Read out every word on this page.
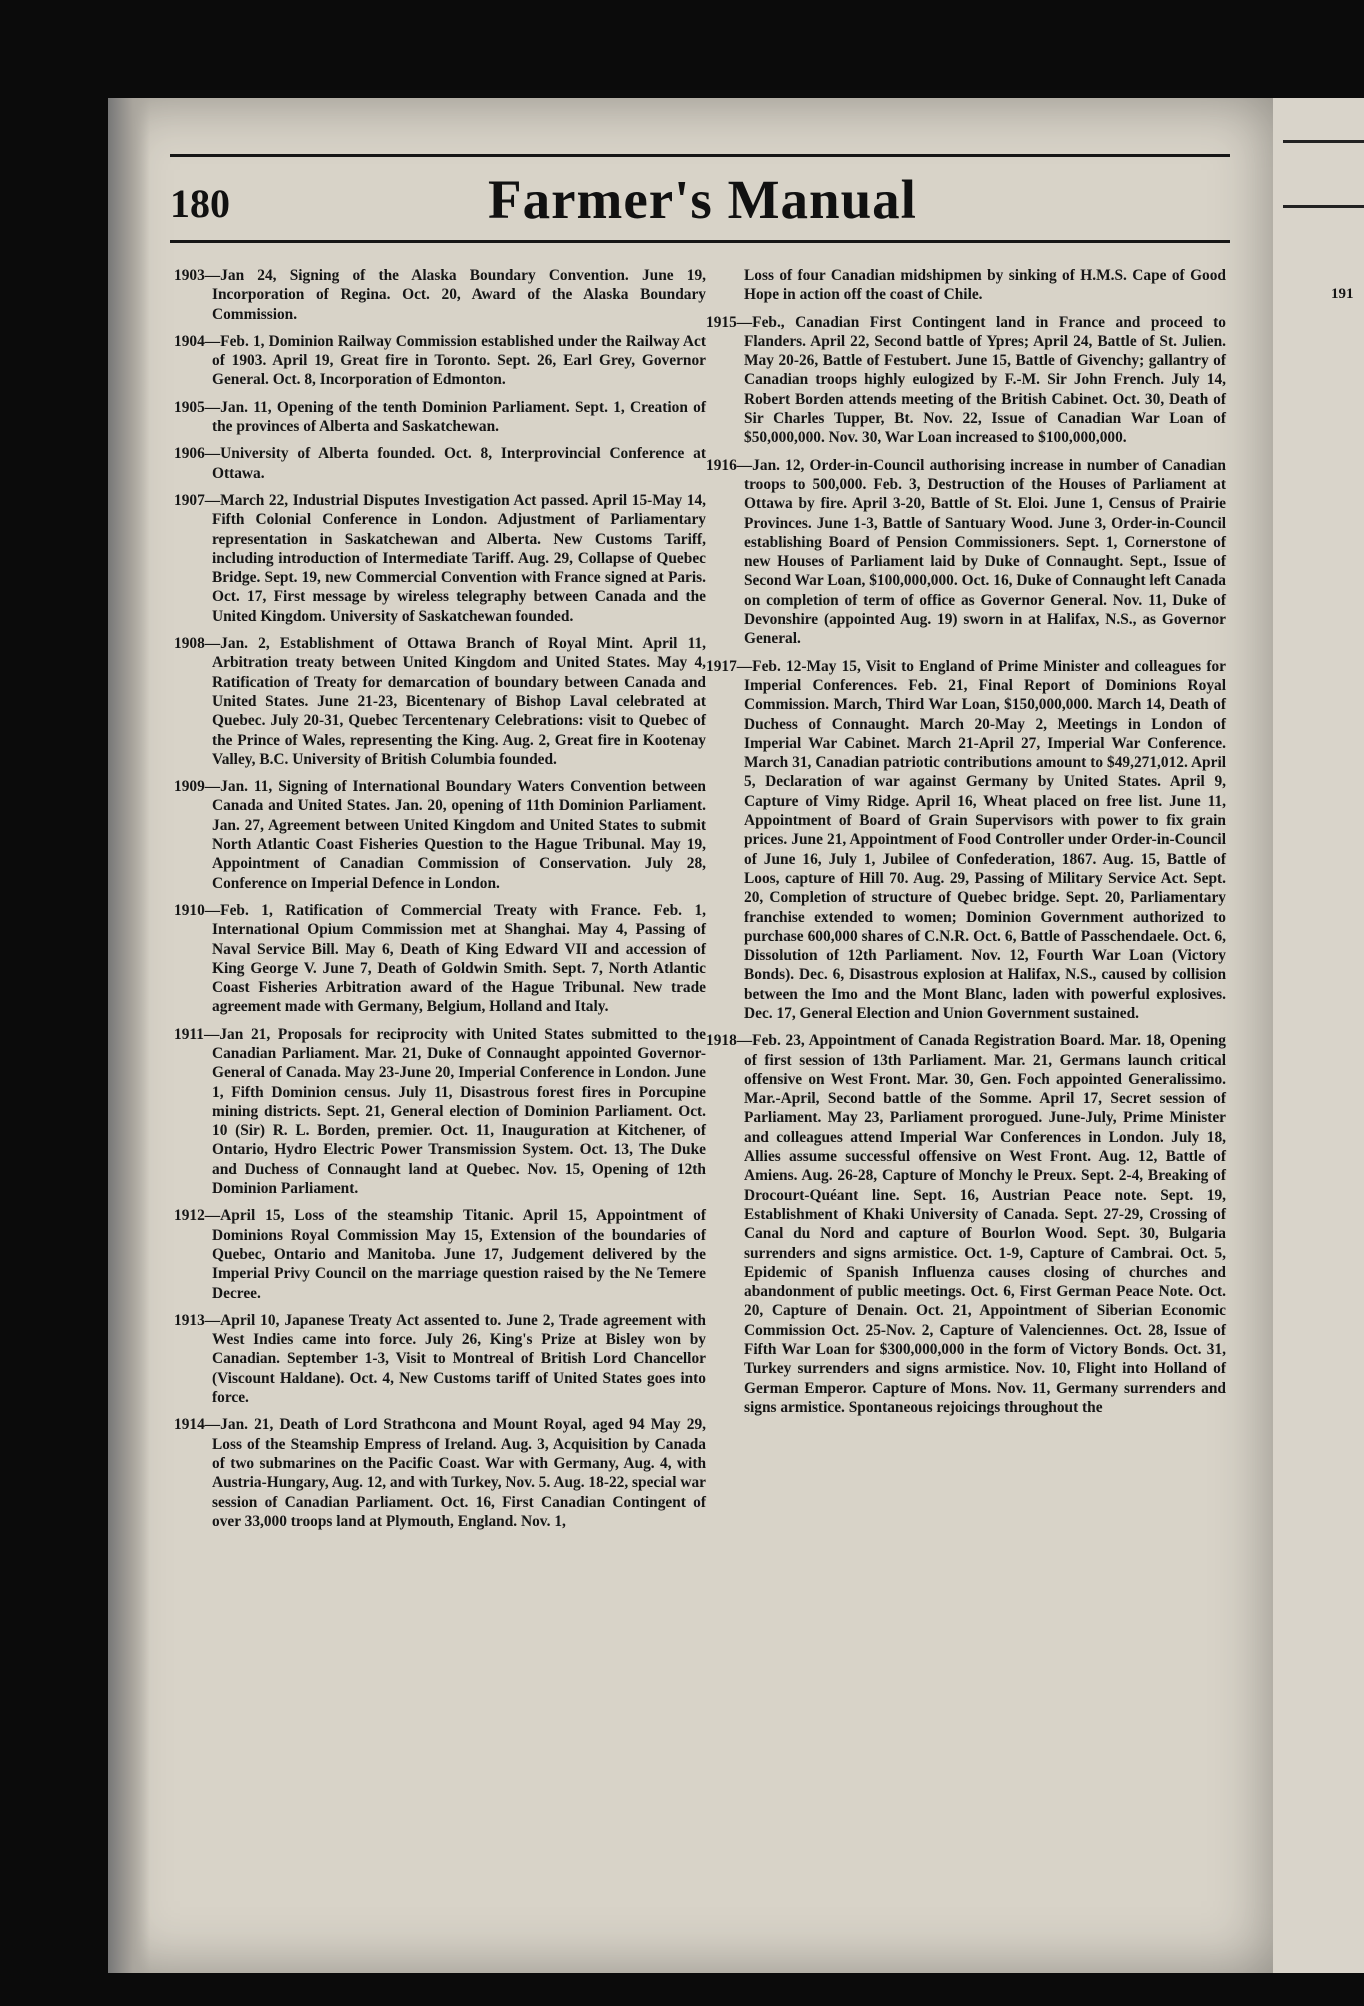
180	Farmer's Manual

1903—Jan 24, Signing of the Alaska Boundary Convention. June 19, Incorporation of Regina. Oct. 20, Award of the Alaska Boundary Commission.

1904—Feb. 1, Dominion Railway Commission established under the Railway Act of 1903. April 19, Great fire in Toronto. Sept. 26, Earl Grey, Governor General. Oct. 8, Incorporation of Edmonton.

1905—Jan. 11, Opening of the tenth Dominion Parliament. Sept. 1, Creation of the provinces of Alberta and Saskatchewan.

1906—University of Alberta founded. Oct. 8, Interprovincial Conference at Ottawa.

1907—March 22, Industrial Disputes Investigation Act passed. April 15-May 14, Fifth Colonial Conference in London. Adjustment of Parliamentary representation in Saskatchewan and Alberta. New Customs Tariff, including introduction of Intermediate Tariff. Aug. 29, Collapse of Quebec Bridge. Sept. 19, new Commercial Convention with France signed at Paris. Oct. 17, First message by wireless telegraphy between Canada and the United Kingdom. University of Saskatchewan founded.

1908—Jan. 2, Establishment of Ottawa Branch of Royal Mint. April 11, Arbitration treaty between United Kingdom and United States. May 4, Ratification of Treaty for demarcation of boundary between Canada and United States. June 21-23, Bicentenary of Bishop Laval celebrated at Quebec. July 20-31, Quebec Tercentenary Celebrations: visit to Quebec of the Prince of Wales, representing the King. Aug. 2, Great fire in Kootenay Valley, B.C. University of British Columbia founded.

1909—Jan. 11, Signing of International Boundary Waters Convention between Canada and United States. Jan. 20, opening of 11th Dominion Parliament. Jan. 27, Agreement between United Kingdom and United States to submit North Atlantic Coast Fisheries Question to the Hague Tribunal. May 19, Appointment of Canadian Commission of Conservation. July 28, Conference on Imperial Defence in London.

1910—Feb. 1, Ratification of Commercial Treaty with France. Feb. 1, International Opium Commission met at Shanghai. May 4, Passing of Naval Service Bill. May 6, Death of King Edward VII and accession of King George V. June 7, Death of Goldwin Smith. Sept. 7, North Atlantic Coast Fisheries Arbitration award of the Hague Tribunal. New trade agreement made with Germany, Belgium, Holland and Italy.

1911—Jan 21, Proposals for reciprocity with United States submitted to the Canadian Parliament. Mar. 21, Duke of Connaught appointed Governor-General of Canada. May 23-June 20, Imperial Conference in London. June 1, Fifth Dominion census. July 11, Disastrous forest fires in Porcupine mining districts. Sept. 21, General election of Dominion Parliament. Oct. 10 (Sir) R. L. Borden, premier. Oct. 11, Inauguration at Kitchener, of Ontario, Hydro Electric Power Transmission System. Oct. 13, The Duke and Duchess of Connaught land at Quebec. Nov. 15, Opening of 12th Dominion Parliament.

1912—April 15, Loss of the steamship Titanic. April 15, Appointment of Dominions Royal Commission May 15, Extension of the boundaries of Quebec, Ontario and Manitoba. June 17, Judgement delivered by the Imperial Privy Council on the marriage question raised by the Ne Temere Decree.

1913—April 10, Japanese Treaty Act assented to. June 2, Trade agreement with West Indies came into force. July 26, King's Prize at Bisley won by Canadian. September 1-3, Visit to Montreal of British Lord Chancellor (Viscount Haldane). Oct. 4, New Customs tariff of United States goes into force.

1914—Jan. 21, Death of Lord Strathcona and Mount Royal, aged 94 May 29, Loss of the Steamship Empress of Ireland. Aug. 3, Acquisition by Canada of two submarines on the Pacific Coast. War with Germany, Aug. 4, with Austria-Hungary, Aug. 12, and with Turkey, Nov. 5. Aug. 18-22, special war session of Canadian Parliament. Oct. 16, First Canadian Contingent of over 33,000 troops land at Plymouth, England. Nov. 1,

Loss of four Canadian midshipmen by sinking of H.M.S. Cape of Good Hope in action off the coast of Chile.

1915—Feb., Canadian First Contingent land in France and proceed to Flanders. April 22, Second battle of Ypres; April 24, Battle of St. Julien. May 20-26, Battle of Festubert. June 15, Battle of Givenchy; gallantry of Canadian troops highly eulogized by F.-M. Sir John French. July 14, Robert Borden attends meeting of the British Cabinet. Oct. 30, Death of Sir Charles Tupper, Bt. Nov. 22, Issue of Canadian War Loan of $50,000,000. Nov. 30, War Loan increased to $100,000,000.

1916—Jan. 12, Order-in-Council authorising increase in number of Canadian troops to 500,000. Feb. 3, Destruction of the Houses of Parliament at Ottawa by fire. April 3-20, Battle of St. Eloi. June 1, Census of Prairie Provinces. June 1-3, Battle of Santuary Wood. June 3, Order-in-Council establishing Board of Pension Commissioners. Sept. 1, Cornerstone of new Houses of Parliament laid by Duke of Connaught. Sept., Issue of Second War Loan, $100,000,000. Oct. 16, Duke of Connaught left Canada on completion of term of office as Governor General. Nov. 11, Duke of Devonshire (appointed Aug. 19) sworn in at Halifax, N.S., as Governor General.

1917—Feb. 12-May 15, Visit to England of Prime Minister and colleagues for Imperial Conferences. Feb. 21, Final Report of Dominions Royal Commission. March, Third War Loan, $150,000,000. March 14, Death of Duchess of Connaught. March 20-May 2, Meetings in London of Imperial War Cabinet. March 21-April 27, Imperial War Conference. March 31, Canadian patriotic contributions amount to $49,271,012. April 5, Declaration of war against Germany by United States. April 9, Capture of Vimy Ridge. April 16, Wheat placed on free list. June 11, Appointment of Board of Grain Supervisors with power to fix grain prices. June 21, Appointment of Food Controller under Order-in-Council of June 16, July 1, Jubilee of Confederation, 1867. Aug. 15, Battle of Loos, capture of Hill 70. Aug. 29, Passing of Military Service Act. Sept. 20, Completion of structure of Quebec bridge. Sept. 20, Parliamentary franchise extended to women; Dominion Government authorized to purchase 600,000 shares of C.N.R. Oct. 6, Battle of Passchendaele. Oct. 6, Dissolution of 12th Parliament. Nov. 12, Fourth War Loan (Victory Bonds). Dec. 6, Disastrous explosion at Halifax, N.S., caused by collision between the Imo and the Mont Blanc, laden with powerful explosives. Dec. 17, General Election and Union Government sustained.

1918—Feb. 23, Appointment of Canada Registration Board. Mar. 18, Opening of first session of 13th Parliament. Mar. 21, Germans launch critical offensive on West Front. Mar. 30, Gen. Foch appointed Generalissimo. Mar.-April, Second battle of the Somme. April 17, Secret session of Parliament. May 23, Parliament prorogued. June-July, Prime Minister and colleagues attend Imperial War Conferences in London. July 18, Allies assume successful offensive on West Front. Aug. 12, Battle of Amiens. Aug. 26-28, Capture of Monchy le Preux. Sept. 2-4, Breaking of Drocourt-Quéant line. Sept. 16, Austrian Peace note. Sept. 19, Establishment of Khaki University of Canada. Sept. 27-29, Crossing of Canal du Nord and capture of Bourlon Wood. Sept. 30, Bulgaria surrenders and signs armistice. Oct. 1-9, Capture of Cambrai. Oct. 5, Epidemic of Spanish Influenza causes closing of churches and abandonment of public meetings. Oct. 6, First German Peace Note. Oct. 20, Capture of Denain. Oct. 21, Appointment of Siberian Economic Commission Oct. 25-Nov. 2, Capture of Valenciennes. Oct. 28, Issue of Fifth War Loan for $300,000,000 in the form of Victory Bonds. Oct. 31, Turkey surrenders and signs armistice. Nov. 10, Flight into Holland of German Emperor. Capture of Mons. Nov. 11, Germany surrenders and signs armistice. Spontaneous rejoicings throughout the

191
